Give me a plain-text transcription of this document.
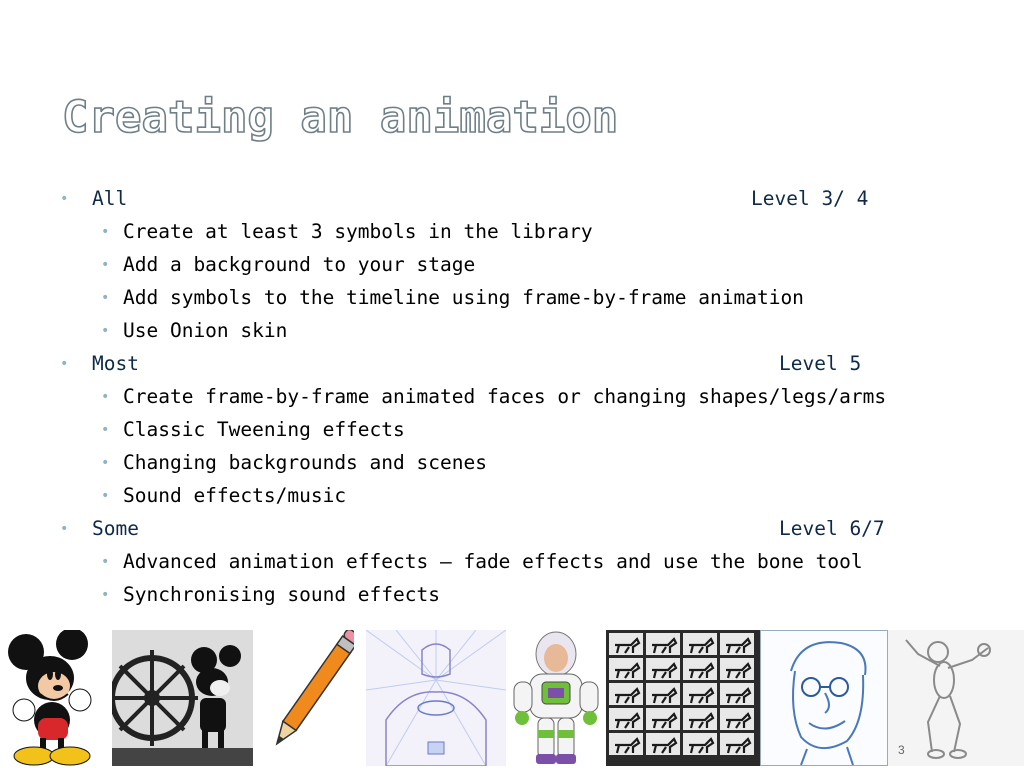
Creating an animation
• All	Level 3/ 4
• Create at least 3 symbols in the library
• Add a background to your stage
• Add symbols to the timeline using frame-by-frame animation
• Use Onion skin
• Most	Level 5
• Create frame-by-frame animated faces or changing shapes/legs/arms
• Classic Tweening effects
• Changing backgrounds and scenes
• Sound effects/music
• Some	Level 6/7
• Advanced animation effects – fade effects and use the bone tool
• Synchronising sound effects
3
